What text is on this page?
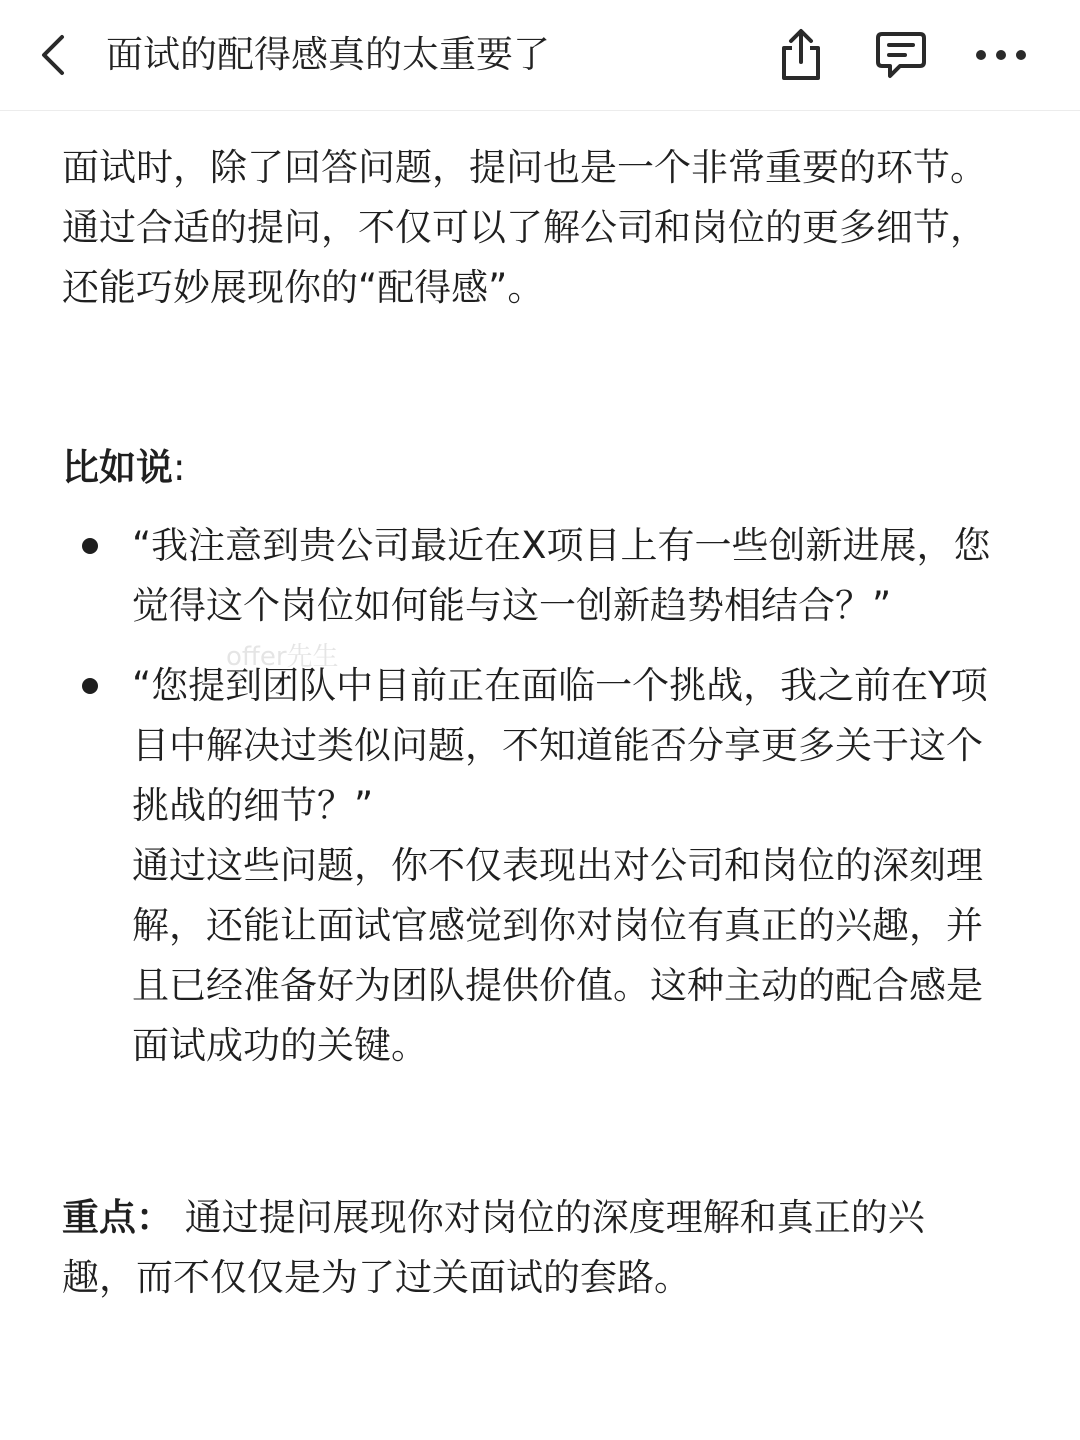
面试的配得感真的太重要了

面试时，除了回答问题，提问也是一个非常重要的环节。通过合适的提问，不仅可以了解公司和岗位的更多细节，还能巧妙展现你的“配得感”。

比如说:

“我注意到贵公司最近在X项目上有一些创新进展，您觉得这个岗位如何能与这一创新趋势相结合？”
“您提到团队中目前正在面临一个挑战，我之前在Y项目中解决过类似问题，不知道能否分享更多关于这个挑战的细节？”

通过这些问题，你不仅表现出对公司和岗位的深刻理解，还能让面试官感觉到你对岗位有真正的兴趣，并且已经准备好为团队提供价值。这种主动的配合感是面试成功的关键。

重点： 通过提问展现你对岗位的深度理解和真正的兴趣，而不仅仅是为了过关面试的套路。

offer先生
